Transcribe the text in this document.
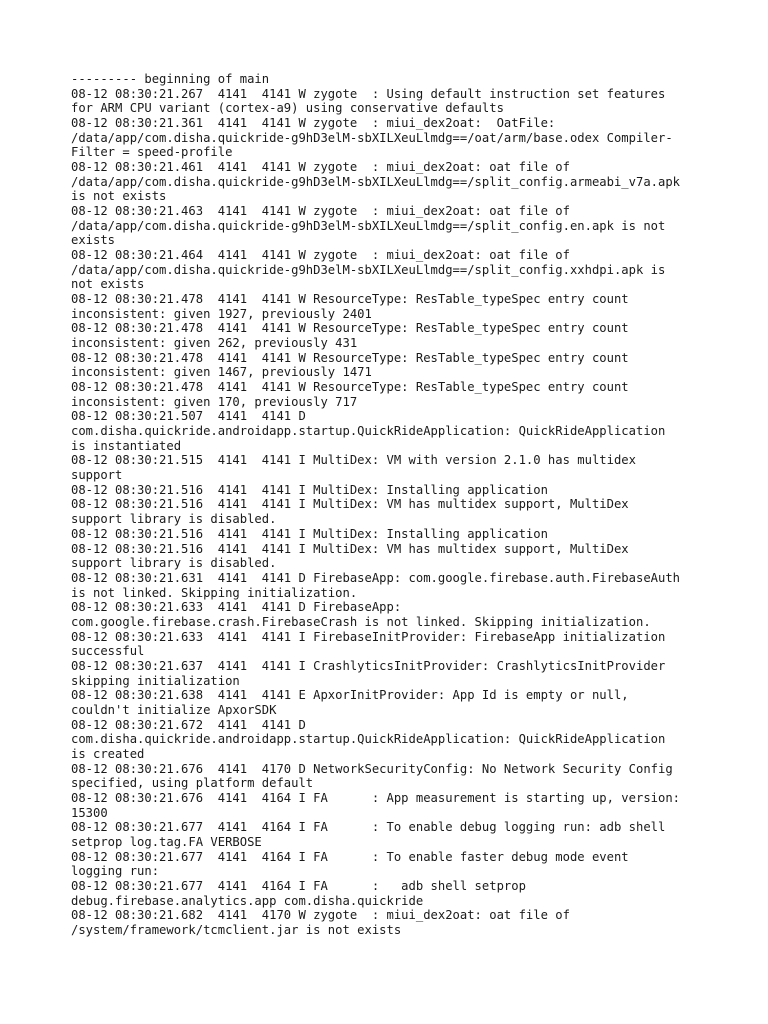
--------- beginning of main
08-12 08:30:21.267  4141  4141 W zygote  : Using default instruction set features
for ARM CPU variant (cortex-a9) using conservative defaults
08-12 08:30:21.361  4141  4141 W zygote  : miui_dex2oat:  OatFile:
/data/app/com.disha.quickride-g9hD3elM-sbXILXeuLlmdg==/oat/arm/base.odex Compiler-
Filter = speed-profile
08-12 08:30:21.461  4141  4141 W zygote  : miui_dex2oat: oat file of
/data/app/com.disha.quickride-g9hD3elM-sbXILXeuLlmdg==/split_config.armeabi_v7a.apk
is not exists
08-12 08:30:21.463  4141  4141 W zygote  : miui_dex2oat: oat file of
/data/app/com.disha.quickride-g9hD3elM-sbXILXeuLlmdg==/split_config.en.apk is not
exists
08-12 08:30:21.464  4141  4141 W zygote  : miui_dex2oat: oat file of
/data/app/com.disha.quickride-g9hD3elM-sbXILXeuLlmdg==/split_config.xxhdpi.apk is
not exists
08-12 08:30:21.478  4141  4141 W ResourceType: ResTable_typeSpec entry count
inconsistent: given 1927, previously 2401
08-12 08:30:21.478  4141  4141 W ResourceType: ResTable_typeSpec entry count
inconsistent: given 262, previously 431
08-12 08:30:21.478  4141  4141 W ResourceType: ResTable_typeSpec entry count
inconsistent: given 1467, previously 1471
08-12 08:30:21.478  4141  4141 W ResourceType: ResTable_typeSpec entry count
inconsistent: given 170, previously 717
08-12 08:30:21.507  4141  4141 D
com.disha.quickride.androidapp.startup.QuickRideApplication: QuickRideApplication
is instantiated
08-12 08:30:21.515  4141  4141 I MultiDex: VM with version 2.1.0 has multidex
support
08-12 08:30:21.516  4141  4141 I MultiDex: Installing application
08-12 08:30:21.516  4141  4141 I MultiDex: VM has multidex support, MultiDex
support library is disabled.
08-12 08:30:21.516  4141  4141 I MultiDex: Installing application
08-12 08:30:21.516  4141  4141 I MultiDex: VM has multidex support, MultiDex
support library is disabled.
08-12 08:30:21.631  4141  4141 D FirebaseApp: com.google.firebase.auth.FirebaseAuth
is not linked. Skipping initialization.
08-12 08:30:21.633  4141  4141 D FirebaseApp:
com.google.firebase.crash.FirebaseCrash is not linked. Skipping initialization.
08-12 08:30:21.633  4141  4141 I FirebaseInitProvider: FirebaseApp initialization
successful
08-12 08:30:21.637  4141  4141 I CrashlyticsInitProvider: CrashlyticsInitProvider
skipping initialization
08-12 08:30:21.638  4141  4141 E ApxorInitProvider: App Id is empty or null,
couldn't initialize ApxorSDK
08-12 08:30:21.672  4141  4141 D
com.disha.quickride.androidapp.startup.QuickRideApplication: QuickRideApplication
is created
08-12 08:30:21.676  4141  4170 D NetworkSecurityConfig: No Network Security Config
specified, using platform default
08-12 08:30:21.676  4141  4164 I FA      : App measurement is starting up, version:
15300
08-12 08:30:21.677  4141  4164 I FA      : To enable debug logging run: adb shell
setprop log.tag.FA VERBOSE
08-12 08:30:21.677  4141  4164 I FA      : To enable faster debug mode event
logging run:
08-12 08:30:21.677  4141  4164 I FA      :   adb shell setprop
debug.firebase.analytics.app com.disha.quickride
08-12 08:30:21.682  4141  4170 W zygote  : miui_dex2oat: oat file of
/system/framework/tcmclient.jar is not exists
